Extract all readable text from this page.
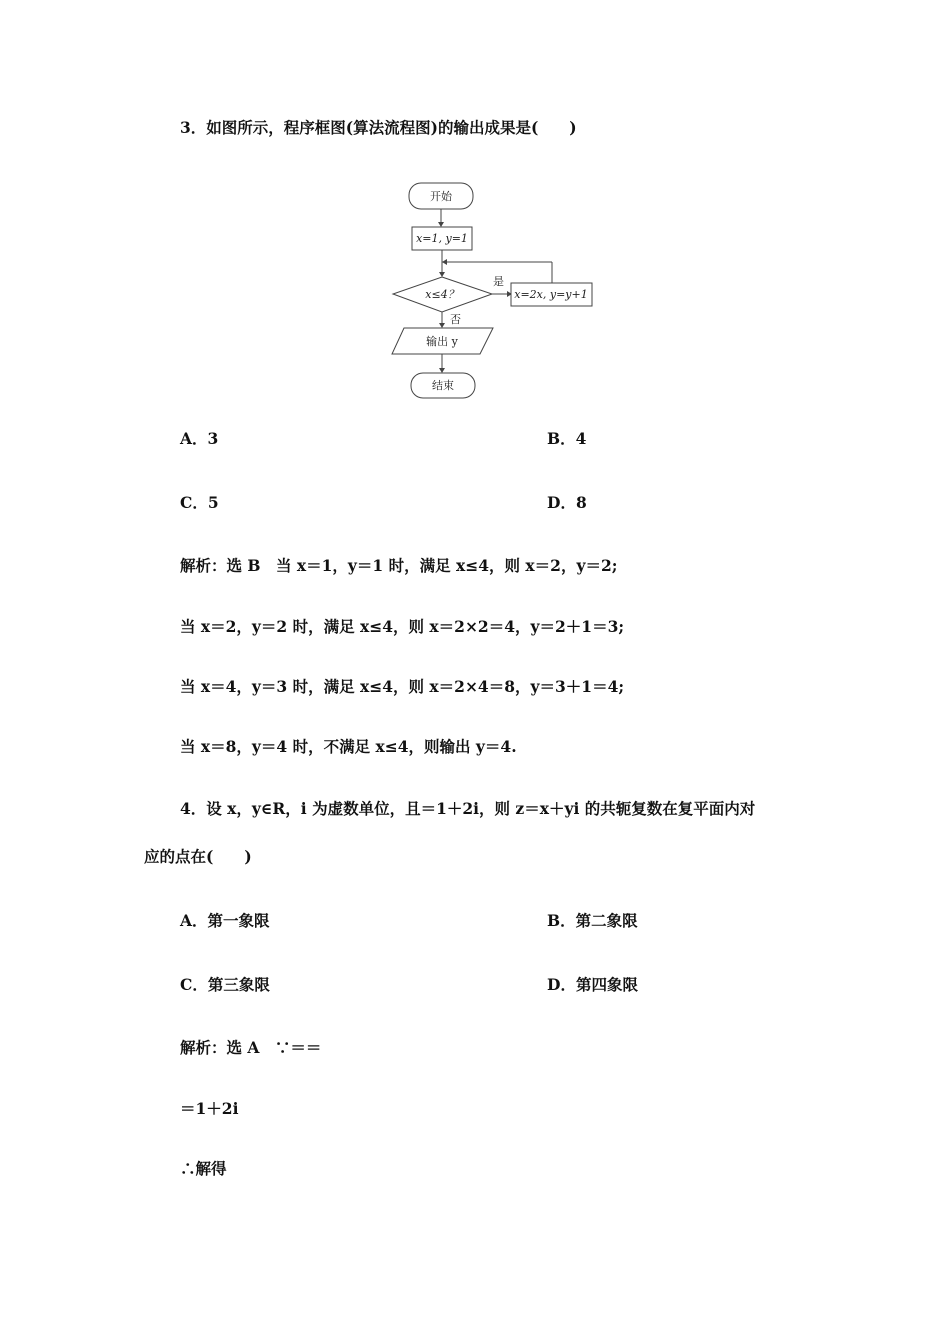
3．如图所示，程序框图(算法流程图)的输出成果是(　　)
开始
x=1, y=1
x≤4？
是
x=2x, y=y+1
否
输出 y
结束
A．3	B．4
C．5	D．8
解析：选 B　当 x＝1，y＝1 时，满足 x≤4，则 x＝2，y＝2;
当 x＝2，y＝2 时，满足 x≤4，则 x＝2×2＝4，y＝2＋1＝3;
当 x＝4，y＝3 时，满足 x≤4，则 x＝2×4＝8，y＝3＋1＝4;
当 x＝8，y＝4 时，不满足 x≤4，则输出 y＝4.
4．设 x，y∈R，i 为虚数单位，且＝1＋2i，则 z＝x＋yi 的共轭复数在复平面内对
应的点在(　　)
A．第一象限	B．第二象限
C．第三象限	D．第四象限
解析：选 A　∵＝＝
＝1＋2i
∴解得
